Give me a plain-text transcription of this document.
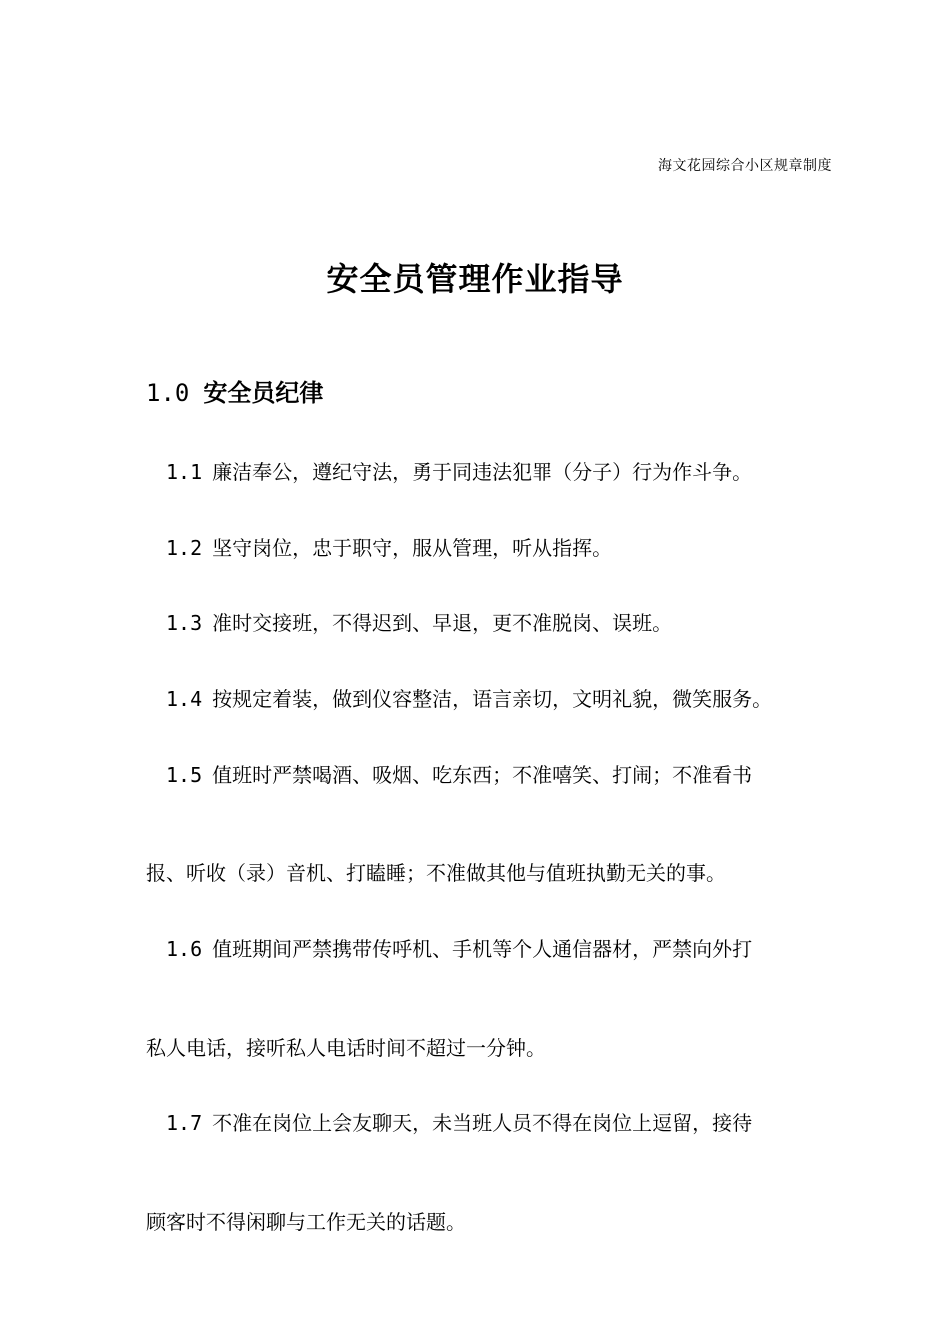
海文花园综合小区规章制度
安全员管理作业指导
1.0 安全员纪律
1.1 廉洁奉公，遵纪守法，勇于同违法犯罪（分子）行为作斗争。
1.2 坚守岗位，忠于职守，服从管理，听从指挥。
1.3 准时交接班，不得迟到、早退，更不准脱岗、误班。
1.4 按规定着装，做到仪容整洁，语言亲切，文明礼貌，微笑服务。
1.5 值班时严禁喝酒、吸烟、吃东西；不准嘻笑、打闹；不准看书
报、听收（录）音机、打瞌睡；不准做其他与值班执勤无关的事。
1.6 值班期间严禁携带传呼机、手机等个人通信器材，严禁向外打
私人电话，接听私人电话时间不超过一分钟。
1.7 不准在岗位上会友聊天，未当班人员不得在岗位上逗留，接待
顾客时不得闲聊与工作无关的话题。
